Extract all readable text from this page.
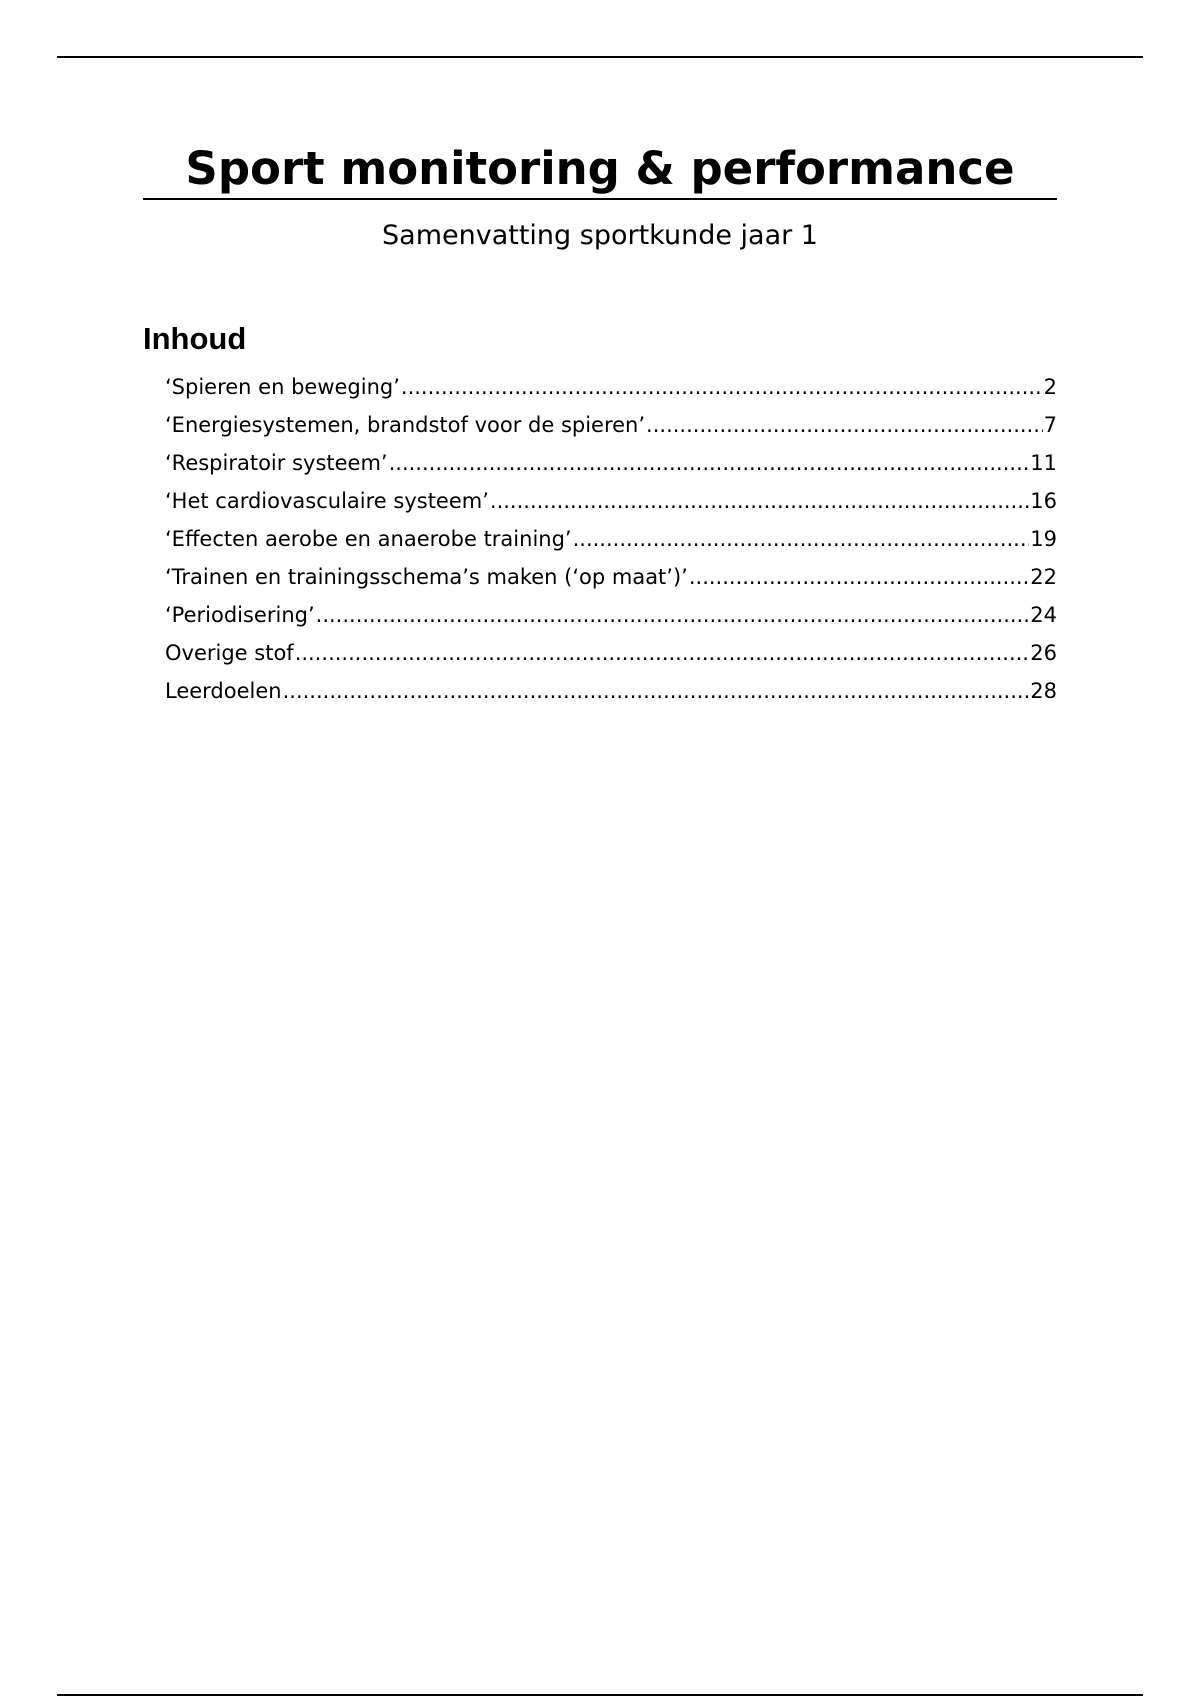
Sport monitoring & performance

Samenvatting sportkunde jaar 1

Inhoud
‘Spieren en beweging’ .....	2
‘Energiesystemen, brandstof voor de spieren’ .....	7
‘Respiratoir systeem’ .....	11
‘Het cardiovasculaire systeem’ .....	16
‘Effecten aerobe en anaerobe training’ .....	19
‘Trainen en trainingsschema’s maken (‘op maat’)’ .....	22
‘Periodisering’ .....	24
Overige stof .....	26
Leerdoelen .....	28
